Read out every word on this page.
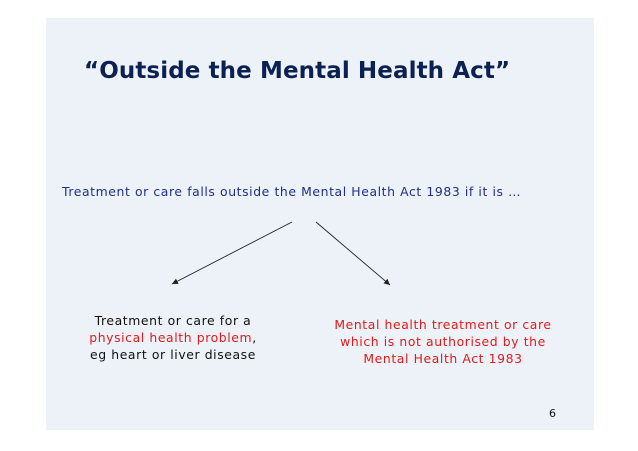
“Outside the Mental Health Act”
Treatment or care falls outside the Mental Health Act 1983 if it is …
Treatment or care for a
physical health problem,
eg heart or liver disease
Mental health treatment or care
which is not authorised by the
Mental Health Act 1983
6
